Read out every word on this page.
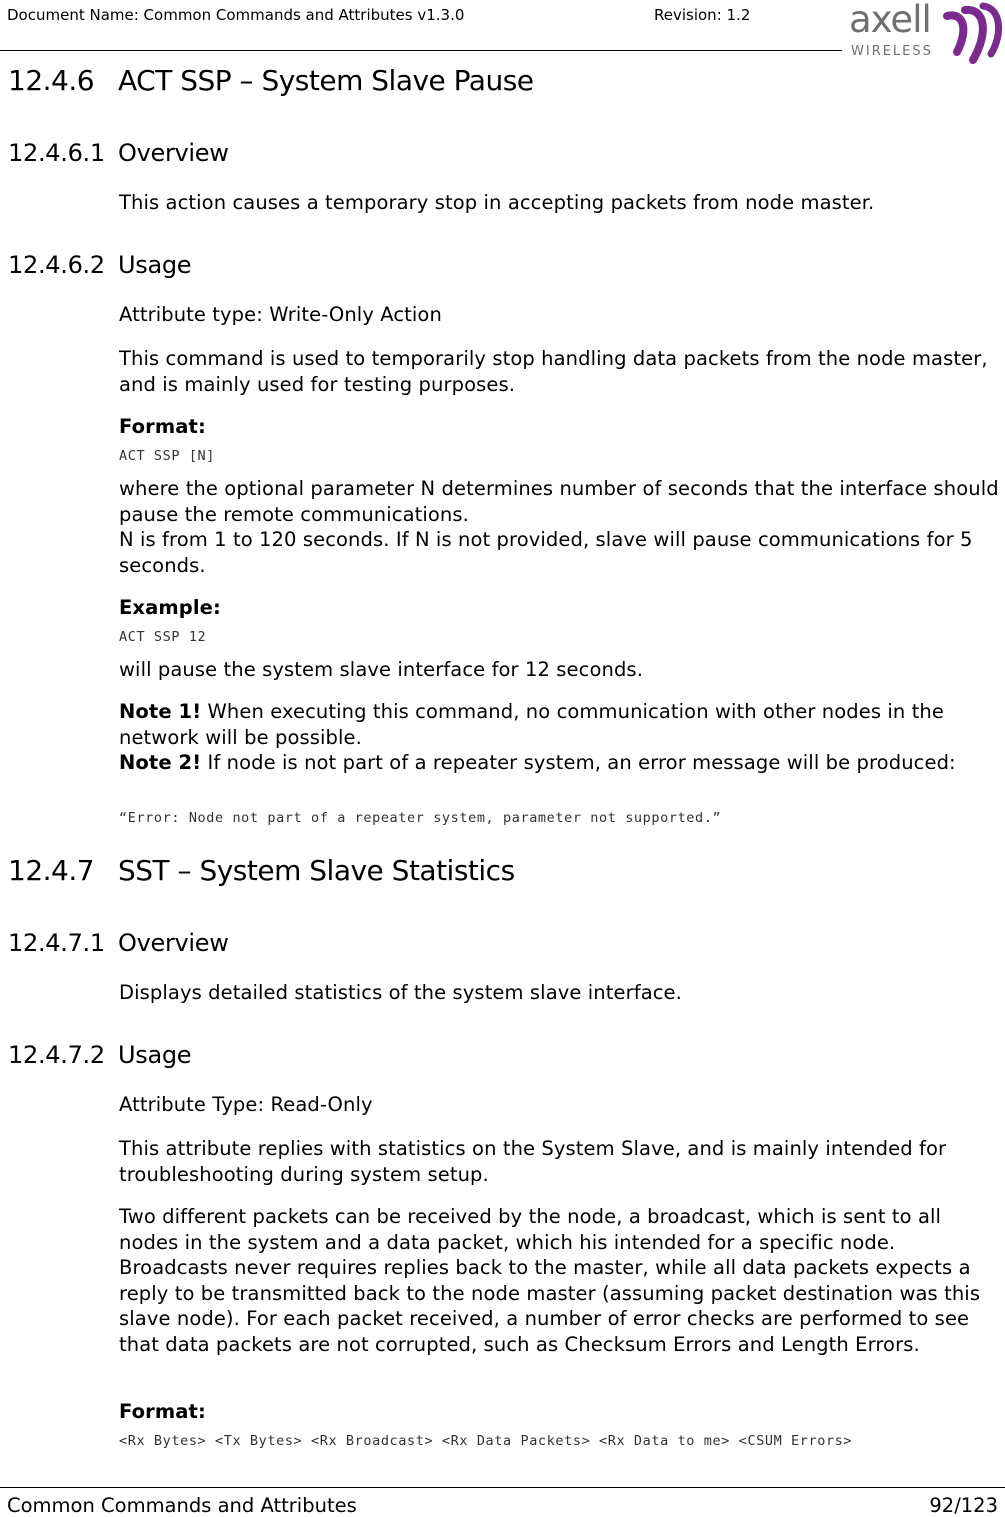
Document Name: Common Commands and Attributes v1.3.0	Revision: 1.2	axell
WIRELESS
12.4.6 ACT SSP – System Slave Pause
12.4.6.1 Overview
This action causes a temporary stop in accepting packets from node master.
12.4.6.2 Usage
Attribute type: Write-Only Action
This command is used to temporarily stop handling data packets from the node master, and is mainly used for testing purposes.
Format:
ACT SSP [N]
where the optional parameter N determines number of seconds that the interface should pause the remote communications.
N is from 1 to 120 seconds. If N is not provided, slave will pause communications for 5 seconds.
Example:
ACT SSP 12
will pause the system slave interface for 12 seconds.
Note 1! When executing this command, no communication with other nodes in the network will be possible.
Note 2! If node is not part of a repeater system, an error message will be produced:
“Error: Node not part of a repeater system, parameter not supported.”
12.4.7 SST – System Slave Statistics
12.4.7.1 Overview
Displays detailed statistics of the system slave interface.
12.4.7.2 Usage
Attribute Type: Read-Only
This attribute replies with statistics on the System Slave, and is mainly intended for troubleshooting during system setup.
Two different packets can be received by the node, a broadcast, which is sent to all nodes in the system and a data packet, which his intended for a specific node. Broadcasts never requires replies back to the master, while all data packets expects a reply to be transmitted back to the node master (assuming packet destination was this slave node). For each packet received, a number of error checks are performed to see that data packets are not corrupted, such as Checksum Errors and Length Errors.
Format:
<Rx Bytes> <Tx Bytes> <Rx Broadcast> <Rx Data Packets> <Rx Data to me> <CSUM Errors>
Common Commands and Attributes	92/123
